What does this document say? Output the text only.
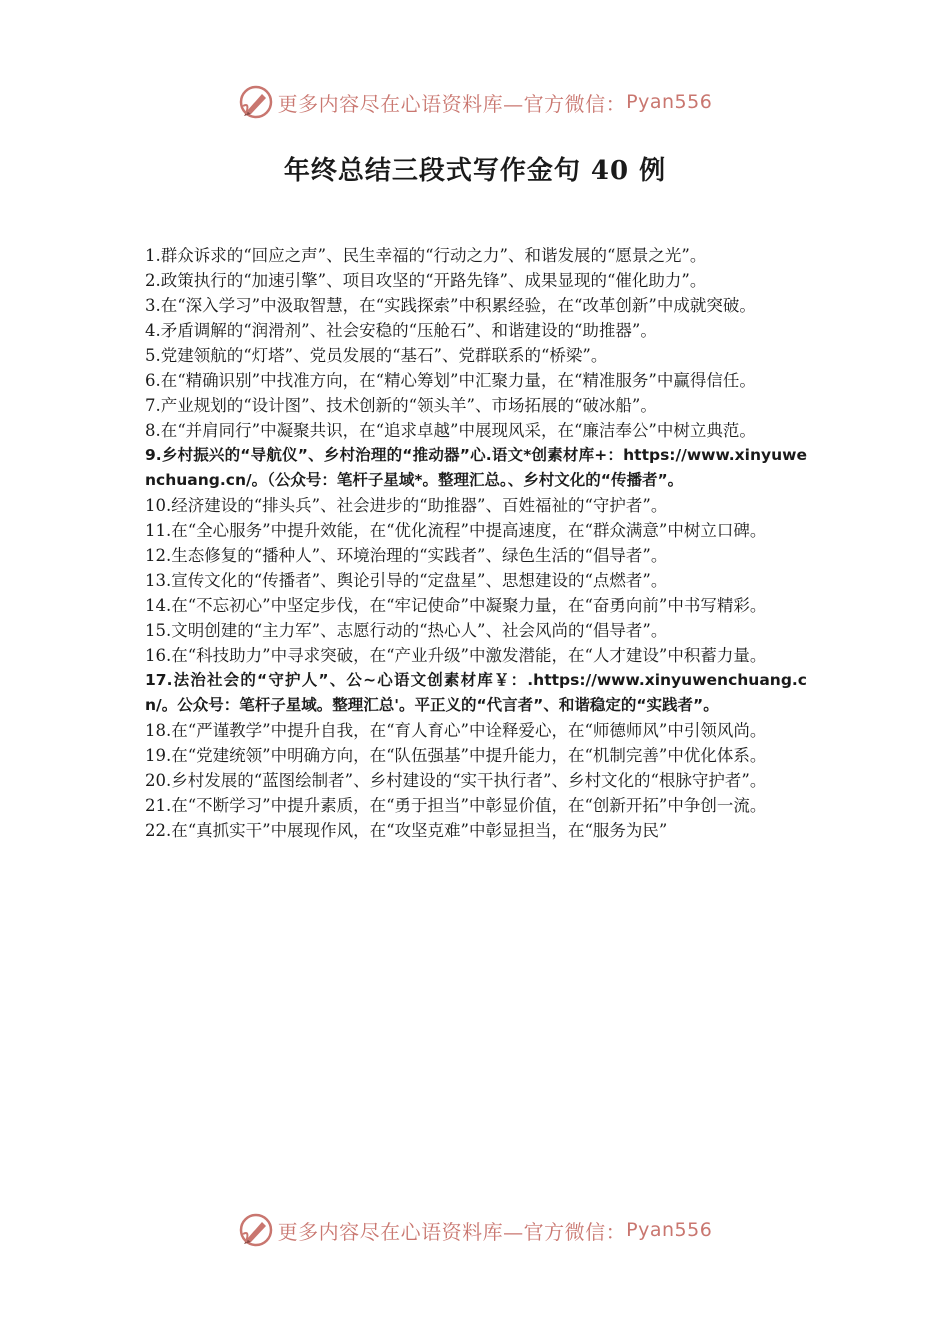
更多内容尽在心语资料库—官方微信： Pyan556
年终总结三段式写作金句 40 例

1.群众诉求的“回应之声”、民生幸福的“行动之力”、和谐发展的“愿景之光”。

2.政策执行的“加速引擎”、项目攻坚的“开路先锋”、成果显现的“催化助力”。

3.在“深入学习”中汲取智慧，在“实践探索”中积累经验，在“改革创新”中成就突破。

4.矛盾调解的“润滑剂”、社会安稳的“压舱石”、和谐建设的“助推器”。

5.党建领航的“灯塔”、党员发展的“基石”、党群联系的“桥梁”。

6.在“精确识别”中找准方向，在“精心筹划”中汇聚力量，在“精准服务”中赢得信任。

7.产业规划的“设计图”、技术创新的“领头羊”、市场拓展的“破冰船”。

8.在“并肩同行”中凝聚共识，在“追求卓越”中展现风采，在“廉洁奉公”中树立典范。

9.乡村振兴的“导航仪”、乡村治理的“推动器”心.语文*创素材库+：https://www.xinyuwenchuang.cn/。（公众号：笔杆子星域*。整理汇总。、乡村文化的“传播者”。

10.经济建设的“排头兵”、社会进步的“助推器”、百姓福祉的“守护者”。

11.在“全心服务”中提升效能，在“优化流程”中提高速度，在“群众满意”中树立口碑。

12.生态修复的“播种人”、环境治理的“实践者”、绿色生活的“倡导者”。

13.宣传文化的“传播者”、舆论引导的“定盘星”、思想建设的“点燃者”。

14.在“不忘初心”中坚定步伐，在“牢记使命”中凝聚力量，在“奋勇向前”中书写精彩。

15.文明创建的“主力军”、志愿行动的“热心人”、社会风尚的“倡导者”。

16.在“科技助力”中寻求突破，在“产业升级”中激发潜能，在“人才建设”中积蓄力量。

17.法治社会的“守护人”、公~心语文创素材库￥：.https://www.xinyuwenchuang.cn/。公众号：笔杆子星域。整理汇总'。平正义的“代言者”、和谐稳定的“实践者”。

18.在“严谨教学”中提升自我，在“育人育心”中诠释爱心，在“师德师风”中引领风尚。

19.在“党建统领”中明确方向，在“队伍强基”中提升能力，在“机制完善”中优化体系。

20.乡村发展的“蓝图绘制者”、乡村建设的“实干执行者”、乡村文化的“根脉守护者”。

21.在“不断学习”中提升素质，在“勇于担当”中彰显价值，在“创新开拓”中争创一流。

22.在“真抓实干”中展现作风，在“攻坚克难”中彰显担当，在“服务为民”

更多内容尽在心语资料库—官方微信： Pyan556
